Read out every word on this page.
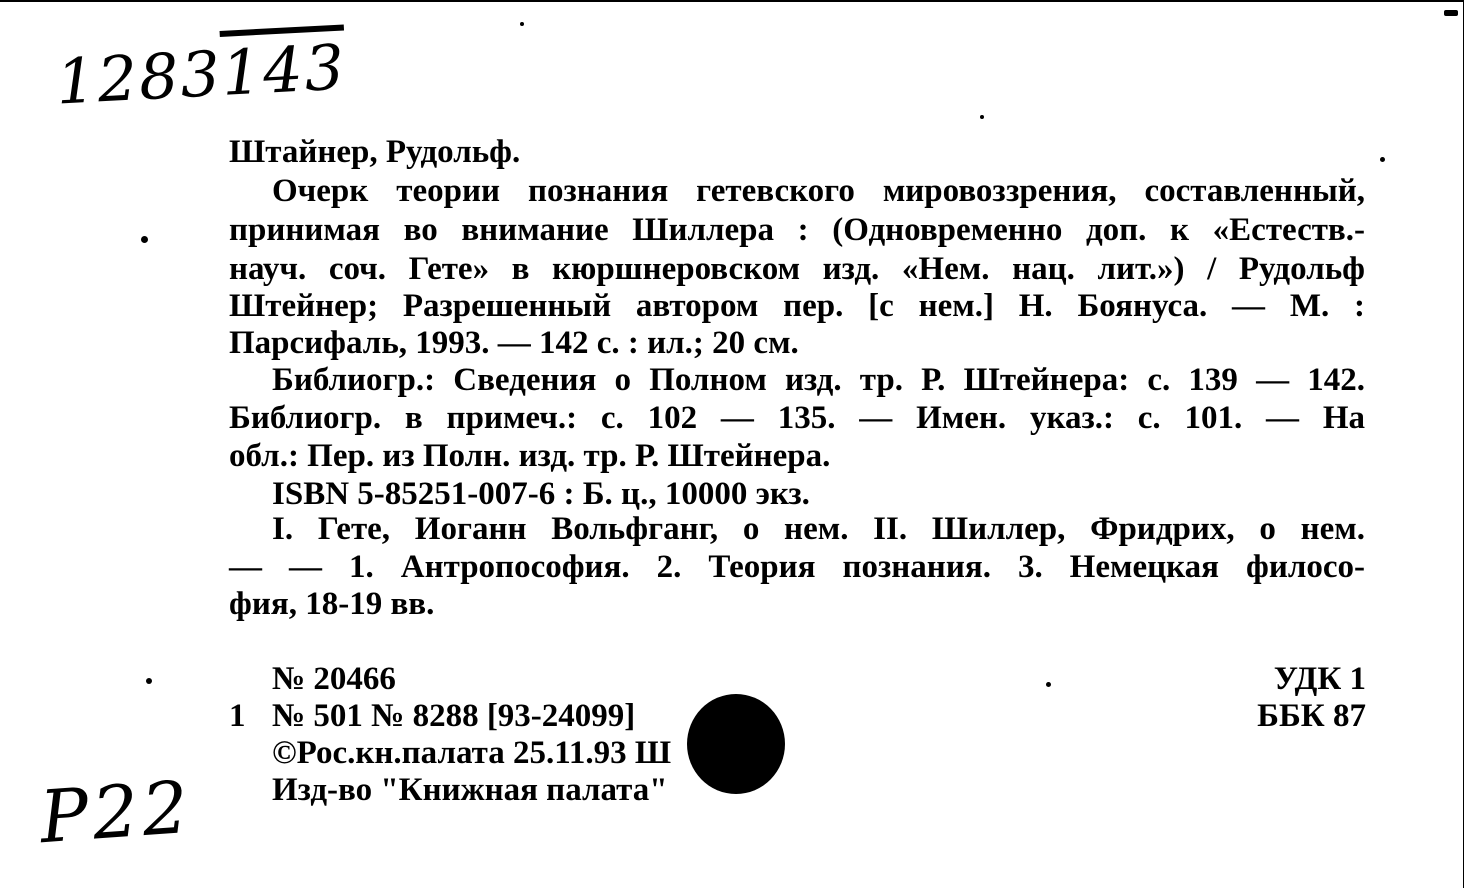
1283143
Штайнер, Рудольф.
Очерк теории познания гетевского мировоззрения, составленный,
принимая во внимание Шиллера : (Одновременно доп. к «Естеств.-
науч. соч. Гете» в кюршнеровском изд. «Нем. нац. лит.») / Рудольф
Штейнер; Разрешенный автором пер. [с нем.] Н. Боянуса. — М. :
Парсифаль, 1993. — 142 с. : ил.; 20 см.
Библиогр.: Сведения о Полном изд. тр. Р. Штейнера: с. 139 — 142.
Библиогр. в примеч.: с. 102 — 135. — Имен. указ.: с. 101. — На
обл.: Пер. из Полн. изд. тр. Р. Штейнера.
ISBN 5-85251-007-6 : Б. ц., 10000 экз.
I. Гете, Иоганн Вольфганг, о нем. II. Шиллер, Фридрих, о нем.
— — 1. Антропософия. 2. Теория познания. 3. Немецкая филосо-
фия, 18-19 вв.
№ 20466
1 № 501 № 8288 [93-24099]
©Рос.кн.палата 25.11.93 Ш
Изд-во "Книжная палата"
УДК 1
ББК 87
P22
